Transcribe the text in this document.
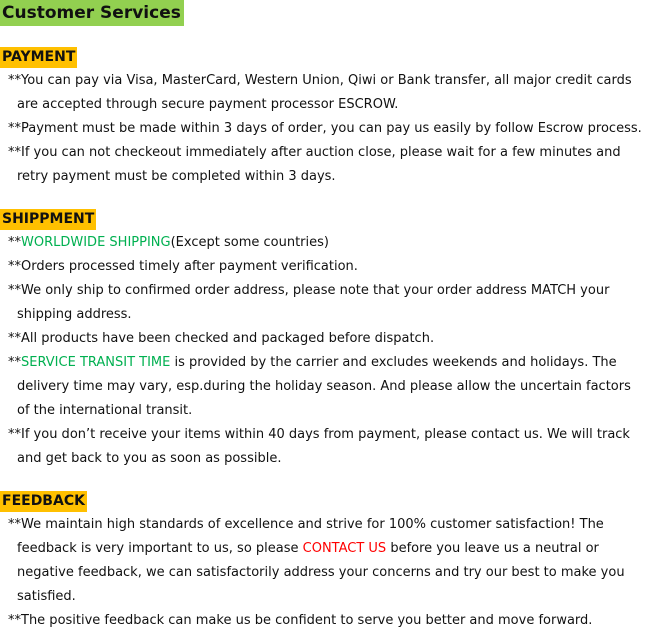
Customer Services
PAYMENT
**You can pay via Visa, MasterCard, Western Union, Qiwi or Bank transfer, all major credit cards
are accepted through secure payment processor ESCROW.
**Payment must be made within 3 days of order, you can pay us easily by follow Escrow process.
**If you can not checkeout immediately after auction close, please wait for a few minutes and
retry payment must be completed within 3 days.
SHIPPMENT
**WORLDWIDE SHIPPING(Except some countries)
**Orders processed timely after payment verification.
**We only ship to confirmed order address, please note that your order address MATCH your
shipping address.
**All products have been checked and packaged before dispatch.
**SERVICE TRANSIT TIME is provided by the carrier and excludes weekends and holidays. The
delivery time may vary, esp.during the holiday season. And please allow the uncertain factors
of the international transit.
**If you don’t receive your items within 40 days from payment, please contact us. We will track
and get back to you as soon as possible.
FEEDBACK
**We maintain high standards of excellence and strive for 100% customer satisfaction! The
feedback is very important to us, so please CONTACT US before you leave us a neutral or
negative feedback, we can satisfactorily address your concerns and try our best to make you
satisfied.
**The positive feedback can make us be confident to serve you better and move forward.
